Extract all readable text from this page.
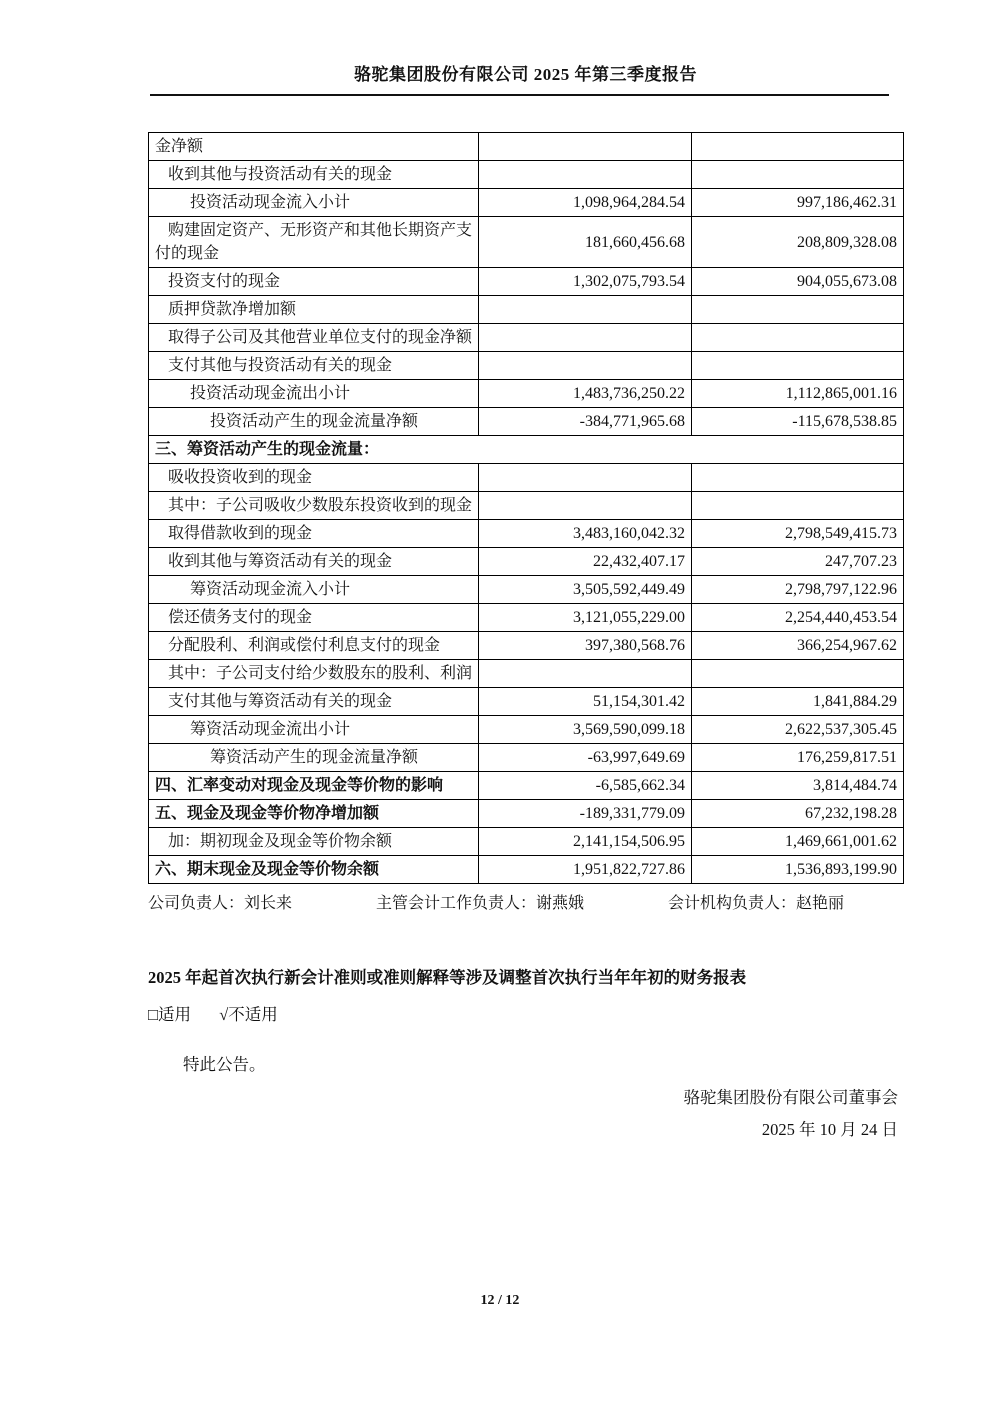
骆驼集团股份有限公司 2025 年第三季度报告
金净额		
收到其他与投资活动有关的现金		
投资活动现金流入小计	1,098,964,284.54	997,186,462.31
购建固定资产、无形资产和其他长期资产支付的现金	181,660,456.68	208,809,328.08
投资支付的现金	1,302,075,793.54	904,055,673.08
质押贷款净增加额		
取得子公司及其他营业单位支付的现金净额		
支付其他与投资活动有关的现金		
投资活动现金流出小计	1,483,736,250.22	1,112,865,001.16
投资活动产生的现金流量净额	-384,771,965.68	-115,678,538.85
三、筹资活动产生的现金流量：		
吸收投资收到的现金		
其中：子公司吸收少数股东投资收到的现金		
取得借款收到的现金	3,483,160,042.32	2,798,549,415.73
收到其他与筹资活动有关的现金	22,432,407.17	247,707.23
筹资活动现金流入小计	3,505,592,449.49	2,798,797,122.96
偿还债务支付的现金	3,121,055,229.00	2,254,440,453.54
分配股利、利润或偿付利息支付的现金	397,380,568.76	366,254,967.62
其中：子公司支付给少数股东的股利、利润		
支付其他与筹资活动有关的现金	51,154,301.42	1,841,884.29
筹资活动现金流出小计	3,569,590,099.18	2,622,537,305.45
筹资活动产生的现金流量净额	-63,997,649.69	176,259,817.51
四、汇率变动对现金及现金等价物的影响	-6,585,662.34	3,814,484.74
五、现金及现金等价物净增加额	-189,331,779.09	67,232,198.28
加：期初现金及现金等价物余额	2,141,154,506.95	1,469,661,001.62
六、期末现金及现金等价物余额	1,951,822,727.86	1,536,893,199.90
公司负责人：刘长来	主管会计工作负责人：谢燕娥	会计机构负责人：赵艳丽

2025 年起首次执行新会计准则或准则解释等涉及调整首次执行当年年初的财务报表

□适用 √不适用

特此公告。

骆驼集团股份有限公司董事会

2025 年 10 月 24 日

12 / 12
